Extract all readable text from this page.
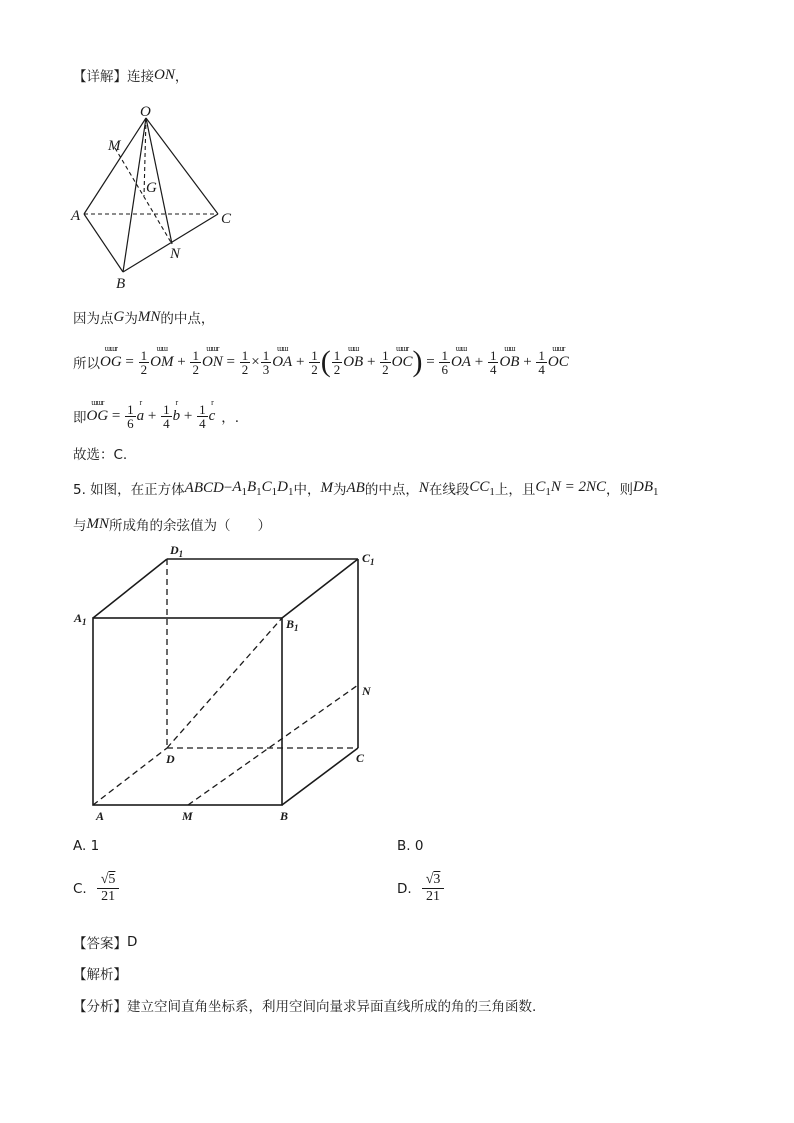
【详解】 连接 ON ，
O
M
G
A	C
N
B
因为点 G 为 MN 的中点，
所以
ɯɯr
OG = $\frac{1}{2}$
ɯɯ
OM + $\frac{1}{2}$
ɯɯr
ON = $\frac{1}{2} \times \frac{1}{3}$
ɯɯ
OA + $\frac{1}{2}$ ( $\frac{1}{2}$
ɯɯ
OB + $\frac{1}{2}$
ɯɯr
OC ) = $\frac{1}{6}$
ɯɯ
OA + $\frac{1}{4}$
ɯɯ
OB + $\frac{1}{4}$
ɯɯr
OC
即
ɯɯr
OG = $\frac{1}{6}$
r
$a + \frac{1}{4}$
r
$b + \frac{1}{4}$
r
c ，.
故选：C.
5. 如图，在正方体 ABCD − $A_1B_1C_1D_1$ 中， M 为 AB 的中点， N 在线段 $CC_1$ 上，且 $C_1N = 2NC$ ，则 $DB_1$
与 MN 所成角的余弦值为（　　）
$D_1$	$C_1$
$A_1$	$B_1$
N
D	C
A	M	B
A. 1	B. 0
C. $\frac{√5}{21}$	D. $\frac{√3}{21}$
【答案】 D
【解析】
【分析】 建立空间直角坐标系，利用空间向量求异面直线所成的角的三角函数.
